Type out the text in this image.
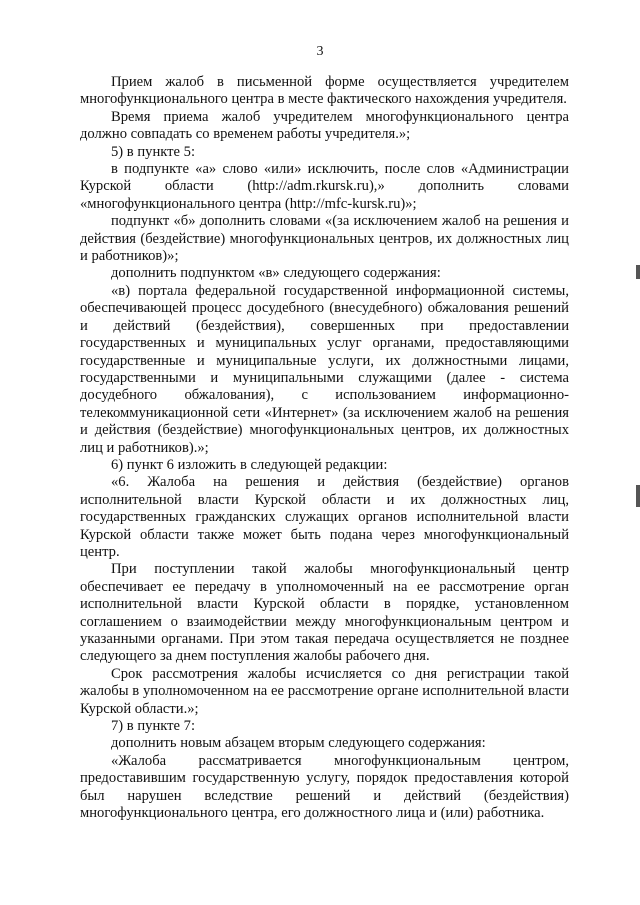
3

Прием жалоб в письменной форме осуществляется учредителем многофункционального центра в месте фактического нахождения учредителя.

Время приема жалоб учредителем многофункционального центра должно совпадать со временем работы учредителя.»;

5) в пункте 5:

в подпункте «а» слово «или» исключить, после слов «Администрации Курской области (http://adm.rkursk.ru),» дополнить словами «многофункционального центра (http://mfc-kursk.ru)»;

подпункт «б» дополнить словами «(за исключением жалоб на решения и действия (бездействие) многофункциональных центров, их должностных лиц и работников)»;

дополнить подпунктом «в» следующего содержания:

«в) портала федеральной государственной информационной системы, обеспечивающей процесс досудебного (внесудебного) обжалования решений и действий (бездействия), совершенных при предоставлении государственных и муниципальных услуг органами, предоставляющими государственные и муниципальные услуги, их должностными лицами, государственными и муниципальными служащими (далее - система досудебного обжалования), с использованием информационно-телекоммуникационной сети «Интернет» (за исключением жалоб на решения и действия (бездействие) многофункциональных центров, их должностных лиц и работников).»;

6) пункт 6 изложить в следующей редакции:

«6. Жалоба на решения и действия (бездействие) органов исполнительной власти Курской области и их должностных лиц, государственных гражданских служащих органов исполнительной власти Курской области также может быть подана через многофункциональный центр.

При поступлении такой жалобы многофункциональный центр обеспечивает ее передачу в уполномоченный на ее рассмотрение орган исполнительной власти Курской области в порядке, установленном соглашением о взаимодействии между многофункциональным центром и указанными органами. При этом такая передача осуществляется не позднее следующего за днем поступления жалобы рабочего дня.

Срок рассмотрения жалобы исчисляется со дня регистрации такой жалобы в уполномоченном на ее рассмотрение органе исполнительной власти Курской области.»;

7) в пункте 7:

дополнить новым абзацем вторым следующего содержания:

«Жалоба рассматривается многофункциональным центром, предоставившим государственную услугу, порядок предоставления которой был нарушен вследствие решений и действий (бездействия) многофункционального центра, его должностного лица и (или) работника.
